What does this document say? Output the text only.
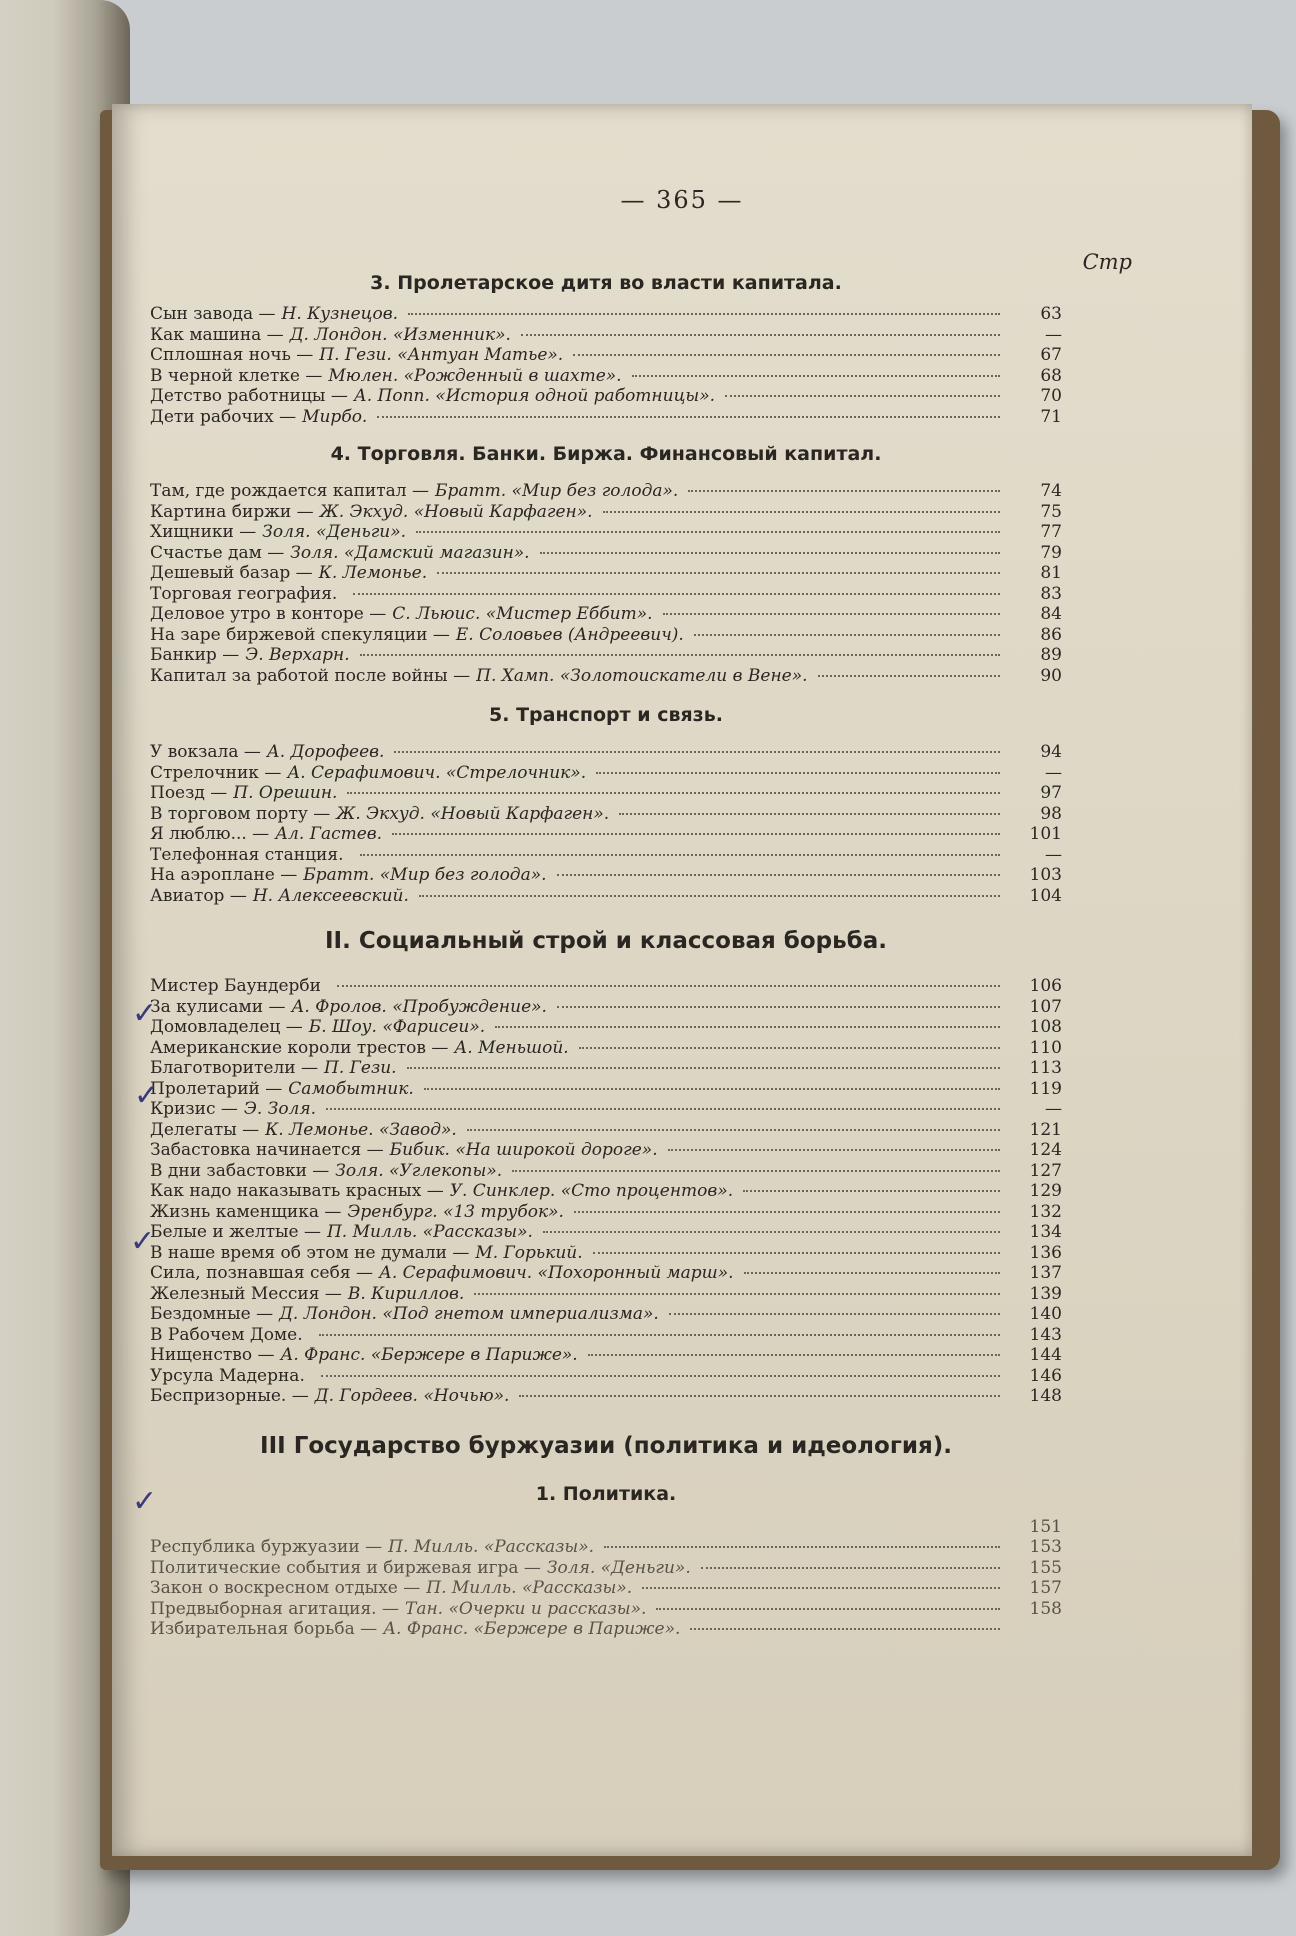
— 365 —
Стр

3. Пролетарское дитя во власти капитала.

Сын завода — Н. Кузнецов.	63
Как машина — Д. Лондон. «Изменник».	—
Сплошная ночь — П. Гези. «Антуан Матье».	67
В черной клетке — Мюлен. «Рожденный в шахте».	68
Детство работницы — А. Попп. «История одной работницы».	70
Дети рабочих — Мирбо.	71

4. Торговля. Банки. Биржа. Финансовый капитал.

Там, где рождается капитал — Братт. «Мир без голода».	74
Картина биржи — Ж. Экхуд. «Новый Карфаген».	75
Хищники — Золя. «Деньги».	77
Счастье дам — Золя. «Дамский магазин».	79
Дешевый базар — К. Лемонье.	81
Торговая география.	83
Деловое утро в конторе — С. Льюис. «Мистер Еббит».	84
На заре биржевой спекуляции — Е. Соловьев (Андреевич).	86
Банкир — Э. Верхарн.	89
Капитал за работой после войны — П. Хамп. «Золотоискатели в Вене».	90

5. Транспорт и связь.

У вокзала — А. Дорофеев.	94
Стрелочник — А. Серафимович. «Стрелочник».	—
Поезд — П. Орешин.	97
В торговом порту — Ж. Экхуд. «Новый Карфаген».	98
Я люблю... — Ал. Гастев.	101
Телефонная станция.	—
На аэроплане — Братт. «Мир без голода».	103
Авиатор — Н. Алексеевский.	104

II. Социальный строй и классовая борьба.

Мистер Баундерби	106
За кулисами — А. Фролов. «Пробуждение».	107
Домовладелец — Б. Шоу. «Фарисеи».	108
Американские короли трестов — А. Меньшой.	110
Благотворители — П. Гези.	113
Пролетарий — Самобытник.	119
Кризис — Э. Золя.	—
Делегаты — К. Лемонье. «Завод».	121
Забастовка начинается — Бибик. «На широкой дороге».	124
В дни забастовки — Золя. «Углекопы».	127
Как надо наказывать красных — У. Синклер. «Сто процентов».	129
Жизнь каменщика — Эренбург. «13 трубок».	132
Белые и желтые — П. Милль. «Рассказы».	134
В наше время об этом не думали — М. Горький.	136
Сила, познавшая себя — А. Серафимович. «Похоронный марш».	137
Железный Мессия — В. Кириллов.	139
Бездомные — Д. Лондон. «Под гнетом империализма».	140
В Рабочем Доме.	143
Нищенство — А. Франс. «Бержере в Париже».	144
Урсула Мадерна.	146
Беспризорные. — Д. Гордеев. «Ночью».	148

III Государство буржуазии (политика и идеология).

1. Политика.

151
Республика буржуазии — П. Милль. «Рассказы».	153
Политические события и биржевая игра — Золя. «Деньги».	155
Закон о воскресном отдыхе — П. Милль. «Рассказы».	157
Предвыборная агитация. — Тан. «Очерки и рассказы».	158
Избирательная борьба — А. Франс. «Бержере в Париже».
✓
✓
✓
✓
